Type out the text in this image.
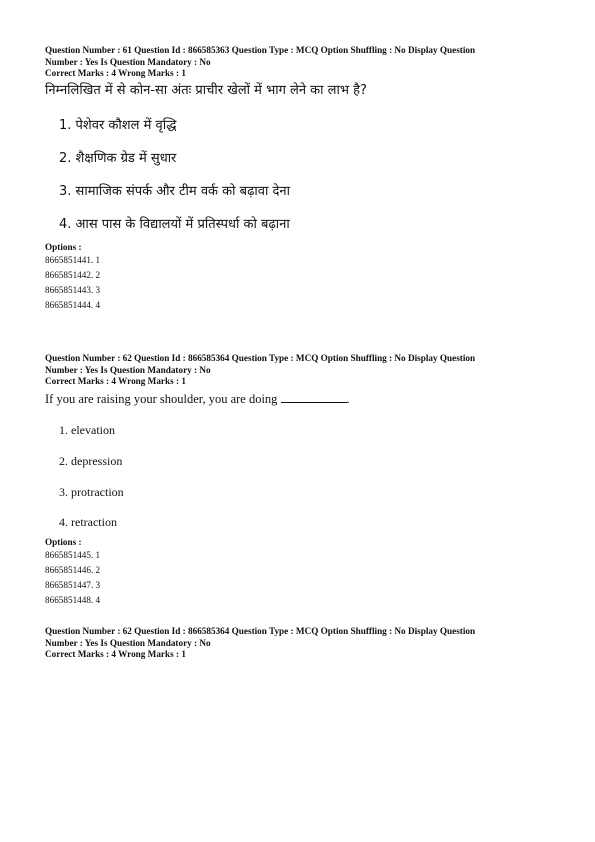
Question Number : 61 Question Id : 866585363 Question Type : MCQ Option Shuffling : No Display Question
Number : Yes Is Question Mandatory : No
Correct Marks : 4 Wrong Marks : 1
निम्नलिखित में से कोन-सा अंतः प्राचीर खेलों में भाग लेने का लाभ है?
1. पेशेवर कौशल में वृद्धि
2. शैक्षणिक ग्रेड में सुधार
3. सामाजिक संपर्क और टीम वर्क को बढ़ावा देना
4. आस पास के विद्यालयों में प्रतिस्पर्धा को बढ़ाना
Options :
8665851441. 1
8665851442. 2
8665851443. 3
8665851444. 4
Question Number : 62 Question Id : 866585364 Question Type : MCQ Option Shuffling : No Display Question
Number : Yes Is Question Mandatory : No
Correct Marks : 4 Wrong Marks : 1
If you are raising your shoulder, you are doing	.
1. elevation
2. depression
3. protraction
4. retraction
Options :
8665851445. 1
8665851446. 2
8665851447. 3
8665851448. 4
Question Number : 62 Question Id : 866585364 Question Type : MCQ Option Shuffling : No Display Question
Number : Yes Is Question Mandatory : No
Correct Marks : 4 Wrong Marks : 1
